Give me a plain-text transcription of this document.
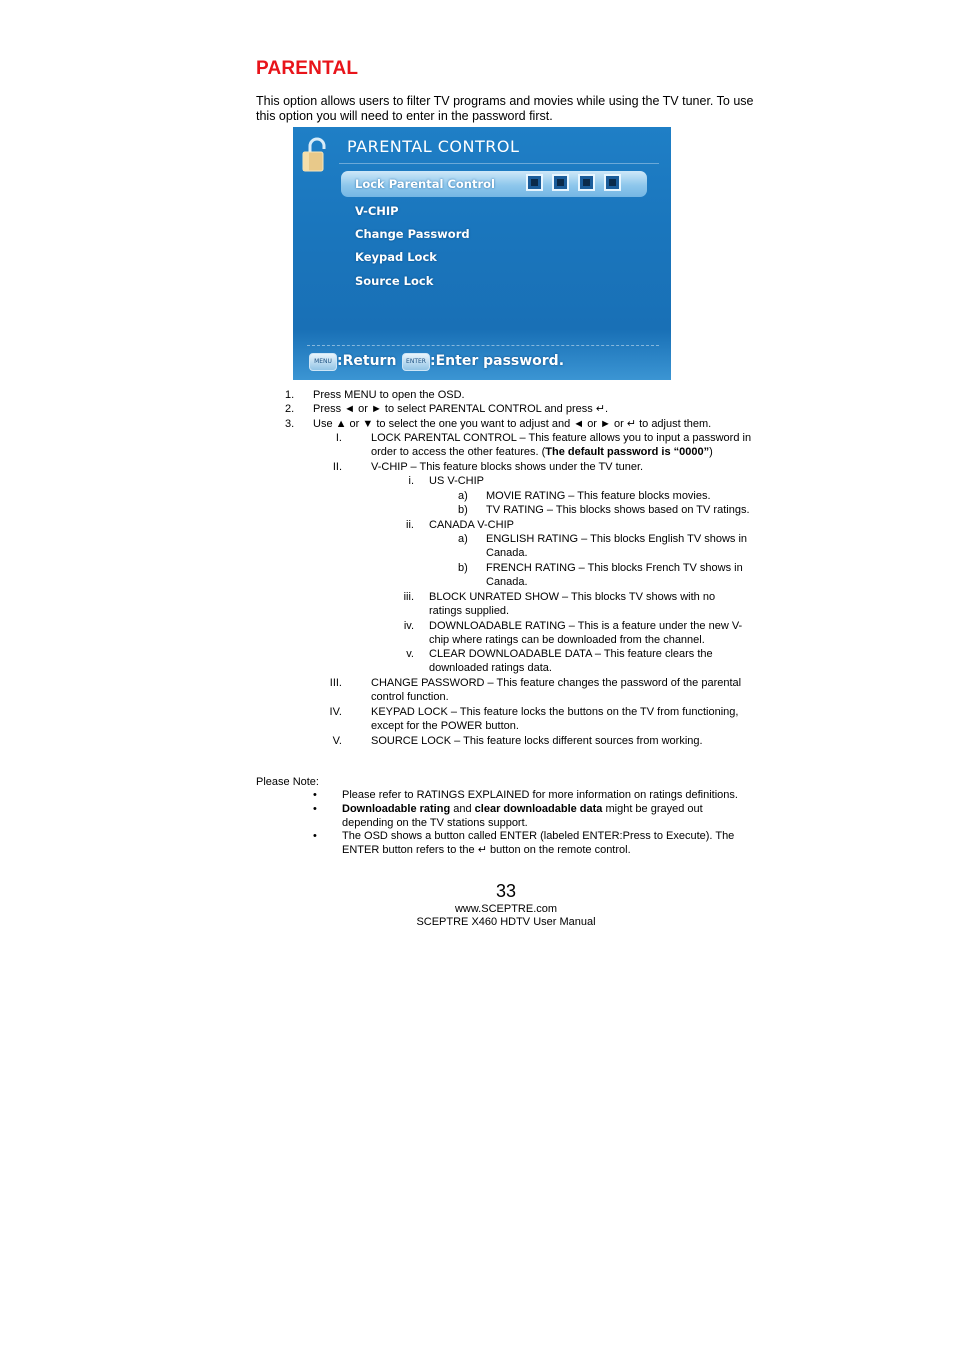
PARENTAL
This option allows users to filter TV programs and movies while using the TV tuner. To use this option you will need to enter in the password first.
PARENTAL CONTROL
Lock Parental Control
V-CHIP
Change Password
Keypad Lock
Source Lock
MENU :Return	ENTER :Enter password.
1. Press MENU to open the OSD.
2. Press ◄ or ► to select PARENTAL CONTROL and press ↵.
3. Use ▲ or ▼ to select the one you want to adjust and ◄ or ► or ↵ to adjust them.
I.	LOCK PARENTAL CONTROL – This feature allows you to input a password in order to access the other features. (The default password is “0000”)
II.	V-CHIP – This feature blocks shows under the TV tuner.
i. US V-CHIP
a) MOVIE RATING – This feature blocks movies.
b) TV RATING – This blocks shows based on TV ratings.
ii. CANADA V-CHIP
a) ENGLISH RATING – This blocks English TV shows in Canada.
b) FRENCH RATING – This blocks French TV shows in Canada.
iii. BLOCK UNRATED SHOW – This blocks TV shows with no ratings supplied.
iv. DOWNLOADABLE RATING – This is a feature under the new V-chip where ratings can be downloaded from the channel.
v. CLEAR DOWNLOADABLE DATA – This feature clears the downloaded ratings data.
III.	CHANGE PASSWORD – This feature changes the password of the parental control function.
IV.	KEYPAD LOCK – This feature locks the buttons on the TV from functioning, except for the POWER button.
V.	SOURCE LOCK – This feature locks different sources from working.
Please Note:
• Please refer to RATINGS EXPLAINED for more information on ratings definitions.
• Downloadable rating and clear downloadable data might be grayed out depending on the TV stations support.
• The OSD shows a button called ENTER (labeled ENTER:Press to Execute). The ENTER button refers to the ↵ button on the remote control.
33
www.SCEPTRE.com
SCEPTRE X460 HDTV User Manual
